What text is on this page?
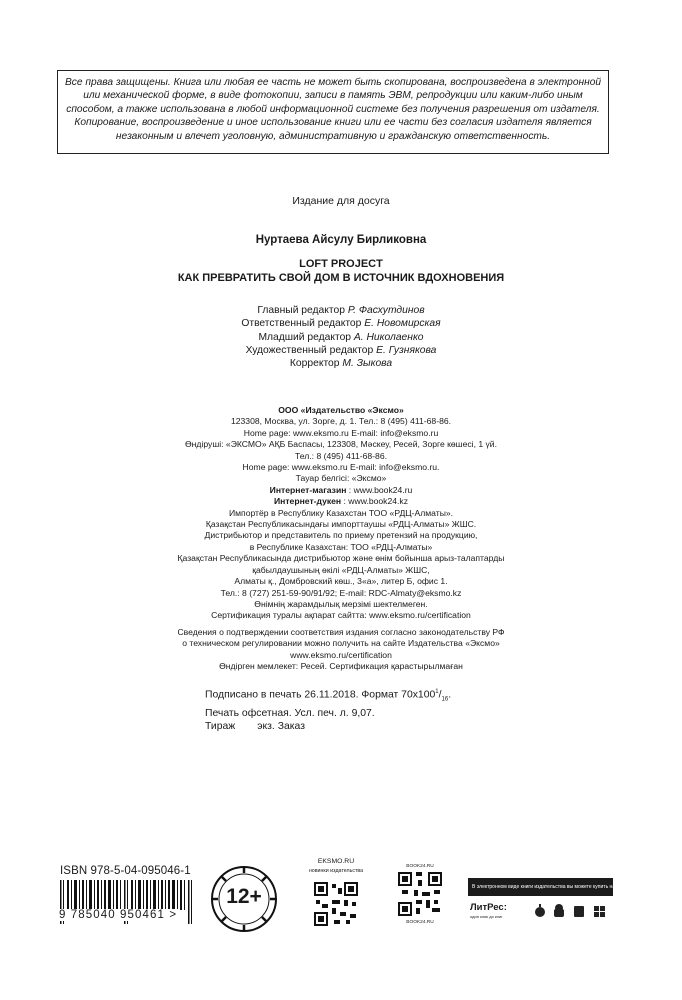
Все права защищены. Книга или любая ее часть не может быть скопирована, воспроизведена в электронной
или механической форме, в виде фотокопии, записи в память ЭВМ, репродукции или каким-либо иным
способом, а также использована в любой информационной системе без получения разрешения от издателя.
Копирование, воспроизведение и иное использование книги или ее части без согласия издателя является
незаконным и влечет уголовную, административную и гражданскую ответственность.
Издание для досуга
Нуртаева Айсулу Бирликовна
LOFT PROJECT
КАК ПРЕВРАТИТЬ СВОЙ ДОМ В ИСТОЧНИК ВДОХНОВЕНИЯ
Главный редактор Р. Фасхутдинов
Ответственный редактор Е. Новомирская
Младший редактор А. Николаенко
Художественный редактор Е. Гузнякова
Корректор М. Зыкова
ООО «Издательство «Эксмо»
123308, Москва, ул. Зорге, д. 1. Тел.: 8 (495) 411-68-86.
Home page: www.eksmo.ru E-mail: info@eksmo.ru
Өндіруші: «ЭКСМО» АҚБ Баспасы, 123308, Мәскеу, Ресей, Зорге көшесі, 1 үй.
Тел.: 8 (495) 411-68-86.
Home page: www.eksmo.ru E-mail: info@eksmo.ru.
Тауар белгісі: «Эксмо»
Интернет-магазин : www.book24.ru
Интернет-дукен : www.book24.kz
Импортёр в Республику Казахстан ТОО «РДЦ-Алматы».
Қазақстан Республикасындағы импорттаушы «РДЦ-Алматы» ЖШС.
Дистрибьютор и представитель по приему претензий на продукцию,
в Республике Казахстан: ТОО «РДЦ-Алматы»
Қазақстан Республикасында дистрибьютор және өнім бойынша арыз-талаптарды
қабылдаушының өкілі «РДЦ-Алматы» ЖШС,
Алматы қ., Домбровский көш., 3«а», литер Б, офис 1.
Тел.: 8 (727) 251-59-90/91/92; E-mail: RDC-Almaty@eksmo.kz
Өнімнің жарамдылық мерзімі шектелмеген.
Сертификация туралы ақпарат сайтта: www.eksmo.ru/certification
Сведения о подтверждении соответствия издания согласно законодательству РФ
о техническом регулировании можно получить на сайте Издательства «Эксмо»
www.eksmo.ru/certification
Өндірген мемлекет: Ресей. Сертификация қарастырылмаған
Подписано в печать 26.11.2018. Формат $70x100^1/_{16}$.
Печать офсетная. Усл. печ. л. 9,07.
Тираж экз. Заказ
ISBN 978-5-04-095046-1
9 785040 950461 >
12+
EKSMO.RU
новинки издательства
BOOK24.RU
BOOK24.RU
В электронном виде книги издательства вы можете купить на www.litres.ru
ЛитРес:
один клик до книг
